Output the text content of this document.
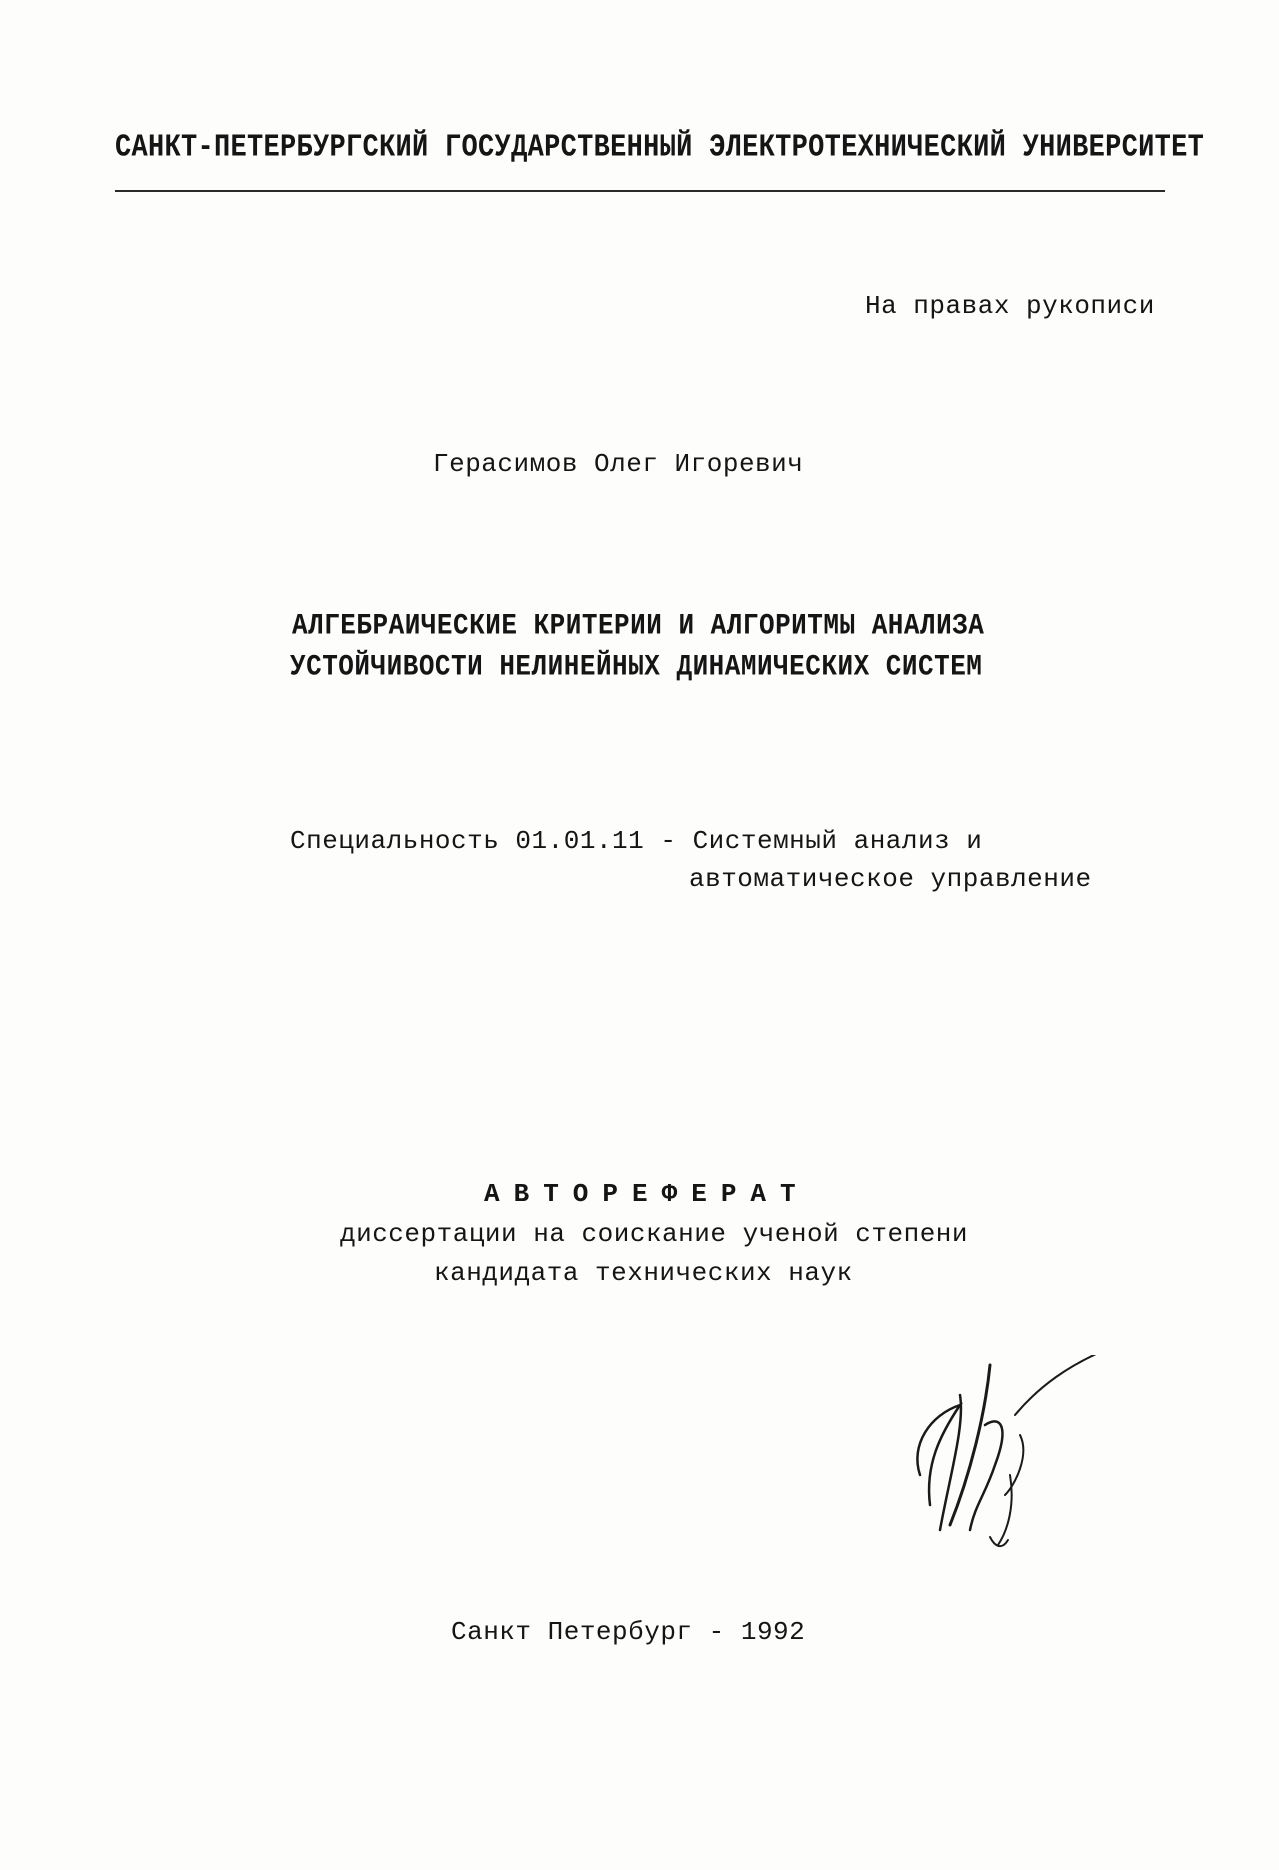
САНКТ-ПЕТЕРБУРГСКИЙ ГОСУДАРСТВЕННЫЙ ЭЛЕКТРОТЕХНИЧЕСКИЙ УНИВЕРСИТЕТ
На правах рукописи
Герасимов Олег Игоревич
АЛГЕБРАИЧЕСКИЕ КРИТЕРИИ И АЛГОРИТМЫ АНАЛИЗА
УСТОЙЧИВОСТИ НЕЛИНЕЙНЫХ ДИНАМИЧЕСКИХ СИСТЕМ
Специальность 01.01.11 - Системный анализ и
автоматическое управление
АВТОРЕФЕРАТ
диссертации на соискание ученой степени
кандидата технических наук
Санкт Петербург - 1992
